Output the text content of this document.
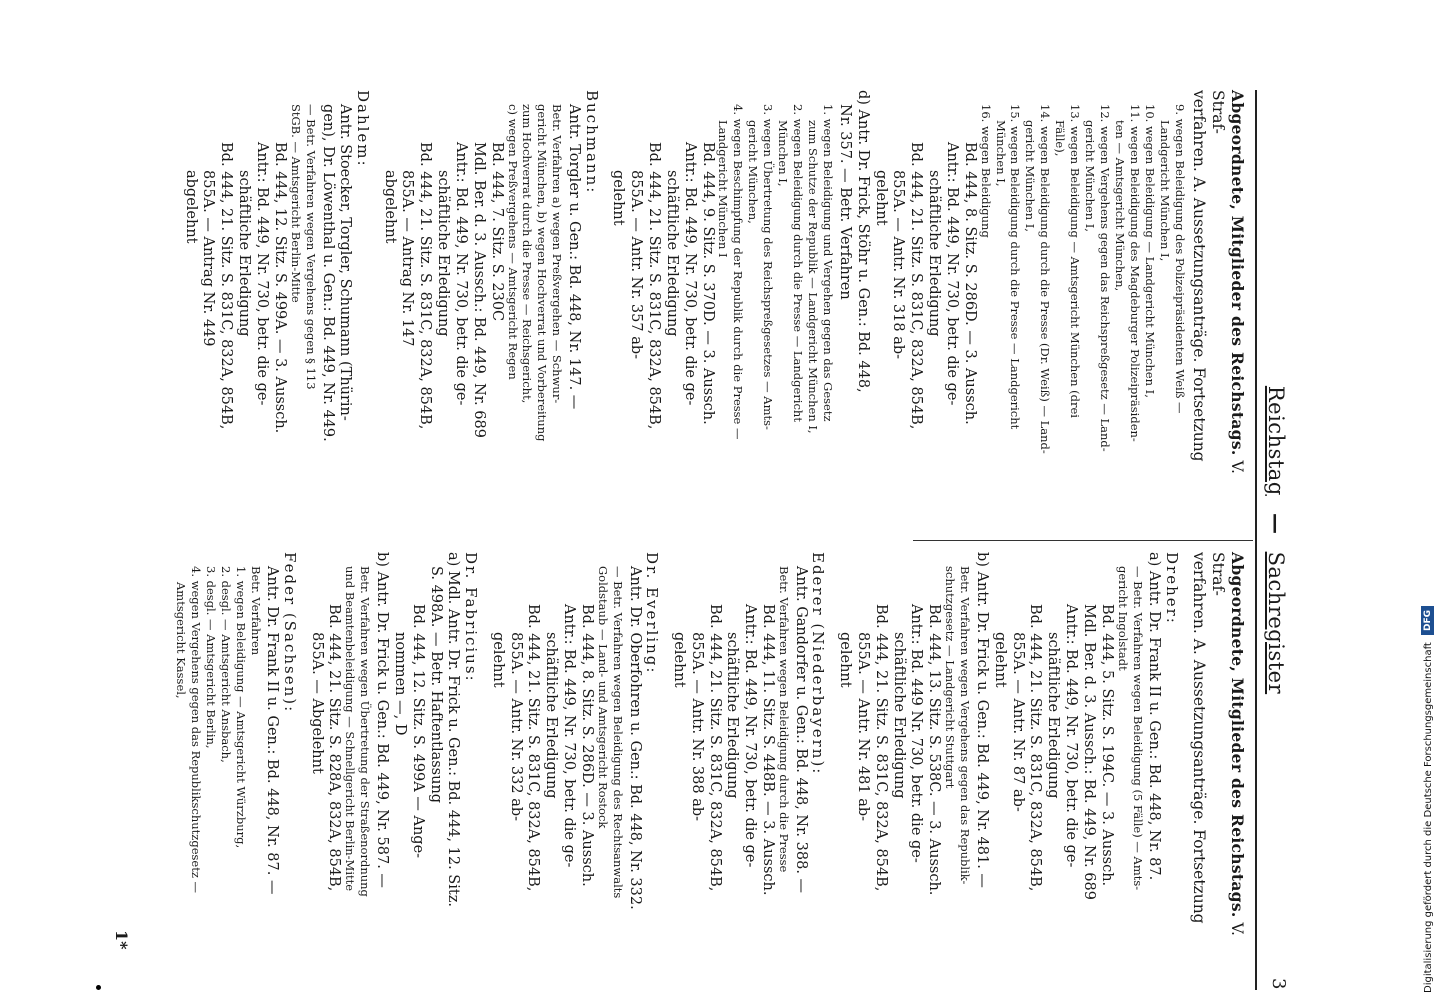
Reichstag — Sachregister
3
Abgeordnete, Mitglieder des Reichstags. V. Straf-
verfahren. A. Aussetzungsanträge. Fortsetzung
9. wegen Beleidigung des Polizeipräsidenten Weiß —
Landgericht München I,
10. wegen Beleidigung — Landgericht München I,
11. wegen Beleidigung des Magdeburger Polizeipräsiden-
ten — Amtsgericht München,
12. wegen Vergehens gegen das Reichspreßgesetz — Land-
gericht München I,
13. wegen Beleidigung — Amtsgericht München (drei
Fälle),
14. wegen Beleidigung durch die Presse (Dr. Weiß) — Land-
gericht München I,
15. wegen Beleidigung durch die Presse — Landgericht
München I,
16. wegen Beleidigung
Bd. 444, 8. Sitz. S. 286D. — 3. Aussch.
Antr.: Bd. 449, Nr. 730, betr. die ge-
schäftliche Erledigung
Bd. 444, 21. Sitz. S. 831C, 832A, 854B,
855A. — Antr. Nr. 318 ab-
gelehnt
d) Antr. Dr. Frick, Stöhr u. Gen.: Bd. 448,
Nr. 357. — Betr. Verfahren
1. wegen Beleidigung und Vergehen gegen das Gesetz
zum Schutze der Republik — Landgericht München I,
2. wegen Beleidigung durch die Presse — Landgericht
München I,
3. wegen Übertretung des Reichspreßgesetzes — Amts-
gericht München,
4. wegen Beschimpfung der Republik durch die Presse —
Landgericht München I
Bd. 444, 9. Sitz. S. 370D. — 3. Aussch.
Antr.: Bd. 449, Nr. 730, betr. die ge-
schäftliche Erledigung
Bd. 444, 21. Sitz. S. 831C, 832A, 854B,
855A. — Antr. Nr. 357 ab-
gelehnt
Buchmann:
Antr. Torgler u. Gen.: Bd. 448, Nr. 147. —
Betr. Verfahren a) wegen Preßvergehen — Schwur-
gericht München, b) wegen Hochverrat und Vorbereitung
zum Hochverrat durch die Presse — Reichsgericht,
c) wegen Preßvergehens — Amtsgericht Regen
Bd. 444, 7. Sitz. S. 230C
Mdl. Ber. d. 3. Aussch.: Bd. 449, Nr. 689
Antr.: Bd. 449, Nr. 730, betr. die ge-
schäftliche Erledigung
Bd. 444, 21. Sitz. S. 831C, 832A, 854B,
855A. — Antrag Nr. 147
abgelehnt
Dahlem:
Antr. Stoecker, Torgler, Schumann (Thürin-
gen), Dr. Löwenthal u. Gen.: Bd. 449, Nr. 449.
— Betr. Verfahren wegen Vergehens gegen § 113
StGB. — Amtsgericht Berlin-Mitte
Bd. 444, 12. Sitz. S. 499A. — 3. Aussch.
Antr.: Bd. 449, Nr. 730, betr. die ge-
schäftliche Erledigung
Bd. 444, 21. Sitz. S. 831C, 832A, 854B,
855A. — Antrag Nr. 449
abgelehnt
Abgeordnete, Mitglieder des Reichstags. V. Straf-
verfahren. A. Aussetzungsanträge. Fortsetzung
Dreher:
a) Antr. Dr. Frank II u. Gen.: Bd. 448, Nr. 87.
— Betr. Verfahren wegen Beleidigung (5 Fälle) — Amts-
gericht Ingolstadt
Bd. 444, 5. Sitz. S. 194C. — 3. Aussch.
Mdl. Ber. d. 3. Aussch.: Bd. 449, Nr. 689
Antr.: Bd. 449, Nr. 730, betr. die ge-
schäftliche Erledigung
Bd. 444, 21. Sitz. S. 831C, 832A, 854B,
855A. — Antr. Nr. 87 ab-
gelehnt
b) Antr. Dr. Frick u. Gen.: Bd. 449, Nr. 481. —
Betr. Verfahren wegen Vergehens gegen das Republik-
schutzgesetz — Landgericht Stuttgart
Bd. 444, 13. Sitz. S. 538C. — 3. Aussch.
Antr.: Bd. 449 Nr. 730, betr. die ge-
schäftliche Erledigung
Bd. 444, 21. Sitz. S. 831C, 832A, 854B,
855A. — Antr. Nr. 481 ab-
gelehnt
Ederer (Niederbayern):
Antr. Gandorfer u. Gen.: Bd. 448, Nr. 388. —
Betr. Verfahren wegen Beleidigung durch die Presse
Bd. 444, 11. Sitz. S. 448B. — 3. Aussch.
Antr.: Bd. 449, Nr. 730, betr. die ge-
schäftliche Erledigung
Bd. 444, 21. Sitz. S. 831C, 832A, 854B,
855A. — Antr. Nr. 388 ab-
gelehnt
Dr. Everling:
Antr. Dr. Oberfohren u. Gen.: Bd. 448, Nr. 332.
— Betr. Verfahren wegen Beleidigung des Rechtsanwalts
Goldstaub — Land- und Amtsgericht Rostock
Bd. 444, 8. Sitz. S. 286D. — 3. Aussch.
Antr.: Bd. 449, Nr. 730, betr. die ge-
schäftliche Erledigung
Bd. 444, 21. Sitz. S. 831C, 832A, 854B,
855A. — Antr. Nr. 332 ab-
gelehnt
Dr. Fabricius:
a) Mdl. Antr. Dr. Frick u. Gen.: Bd. 444, 12. Sitz.
S. 498A. — Betr. Haftentlassung
Bd. 444, 12. Sitz. S. 499A — Ange-
nommen —, D
b) Antr. Dr. Frick u. Gen.: Bd. 449, Nr. 587. —
Betr. Verfahren wegen Übertretung der Straßenordnung
und Beamtenbeleidigung — Schnellgericht Berlin-Mitte
Bd. 444, 21. Sitz. S. 828A, 832A, 854B,
855A. — Abgelehnt
Feder (Sachsen):
Antr. Dr. Frank II u. Gen.: Bd. 448, Nr. 87. —
Betr. Verfahren
1. wegen Beleidigung — Amtsgericht Würzburg,
2. desgl. — Amtsgericht Ansbach,
3. desgl. — Amtsgericht Berlin,
4. wegen Vergehens gegen das Republikschutzgesetz —
Amtsgericht Kassel,
1*	Digitalisierung gefördert durch die Deutsche Forschungsgemeinschaft DFG
